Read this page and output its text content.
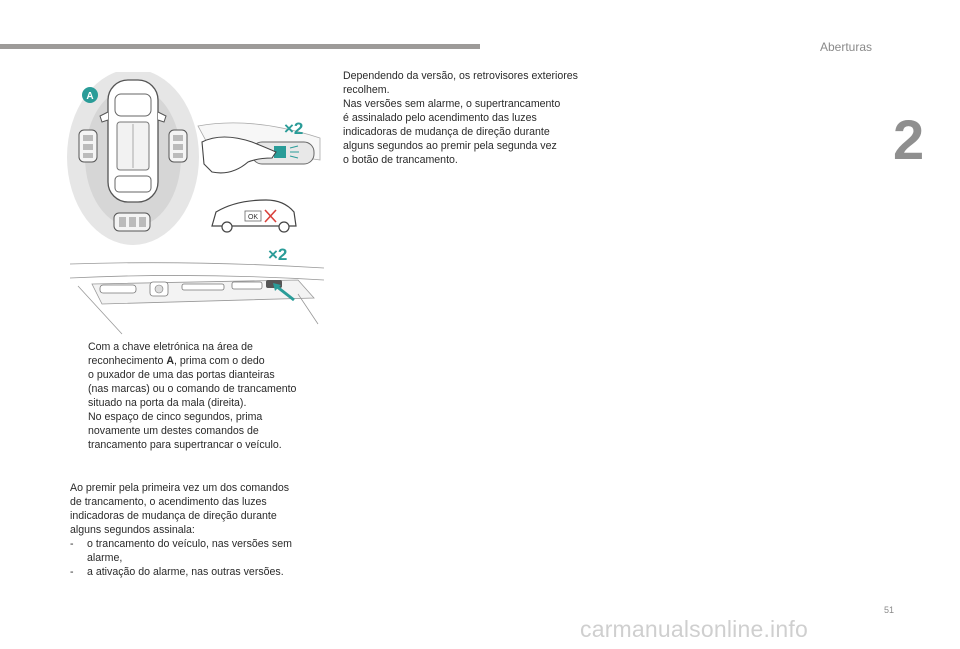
Aberturas
2
A
×2
OK
×2
Dependendo da versão, os retrovisores exteriores
recolhem.
Nas versões sem alarme, o supertrancamento
é assinalado pelo acendimento das luzes
indicadoras de mudança de direção durante
alguns segundos ao premir pela segunda vez
o botão de trancamento.
Com a chave eletrónica na área de
reconhecimento A, prima com o dedo
o puxador de uma das portas dianteiras
(nas marcas) ou o comando de trancamento
situado na porta da mala (direita).
No espaço de cinco segundos, prima
novamente um destes comandos de
trancamento para supertrancar o veículo.
Ao premir pela primeira vez um dos comandos
de trancamento, o acendimento das luzes
indicadoras de mudança de direção durante
alguns segundos assinala:
- o trancamento do veículo, nas versões sem
alarme,
- a ativação do alarme, nas outras versões.
51
carmanualsonline.info
